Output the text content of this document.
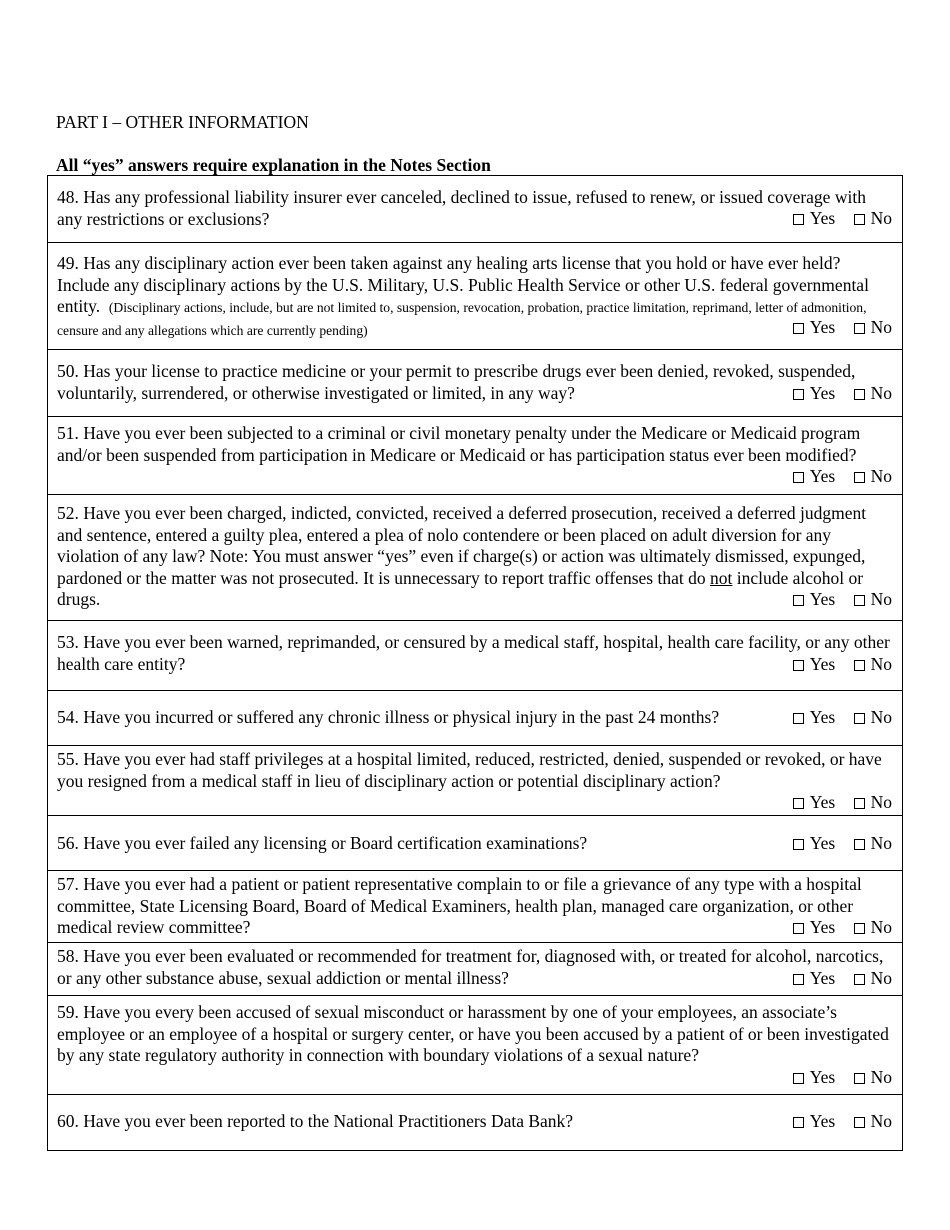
PART I – OTHER INFORMATION
All “yes” answers require explanation in the Notes Section
48. Has any professional liability insurer ever canceled, declined to issue, refused to renew, or issued coverage with any restrictions or exclusions?	Yes No
49. Has any disciplinary action ever been taken against any healing arts license that you hold or have ever held? Include any disciplinary actions by the U.S. Military, U.S. Public Health Service or other U.S. federal governmental entity. (Disciplinary actions, include, but are not limited to, suspension, revocation, probation, practice limitation, reprimand, letter of admonition, censure and any allegations which are currently pending)	Yes No
50. Has your license to practice medicine or your permit to prescribe drugs ever been denied, revoked, suspended, voluntarily, surrendered, or otherwise investigated or limited, in any way?	Yes No
51. Have you ever been subjected to a criminal or civil monetary penalty under the Medicare or Medicaid program and/or been suspended from participation in Medicare or Medicaid or has participation status ever been modified?
Yes No
52. Have you ever been charged, indicted, convicted, received a deferred prosecution, received a deferred judgment and sentence, entered a guilty plea, entered a plea of nolo contendere or been placed on adult diversion for any violation of any law? Note: You must answer “yes” even if charge(s) or action was ultimately dismissed, expunged, pardoned or the matter was not prosecuted. It is unnecessary to report traffic offenses that do not include alcohol or drugs.	Yes No
53. Have you ever been warned, reprimanded, or censured by a medical staff, hospital, health care facility, or any other health care entity?	Yes No
54. Have you incurred or suffered any chronic illness or physical injury in the past 24 months?	Yes No
55. Have you ever had staff privileges at a hospital limited, reduced, restricted, denied, suspended or revoked, or have you resigned from a medical staff in lieu of disciplinary action or potential disciplinary action?
Yes No
56. Have you ever failed any licensing or Board certification examinations?	Yes No
57. Have you ever had a patient or patient representative complain to or file a grievance of any type with a hospital committee, State Licensing Board, Board of Medical Examiners, health plan, managed care organization, or other medical review committee?	Yes No
58. Have you ever been evaluated or recommended for treatment for, diagnosed with, or treated for alcohol, narcotics, or any other substance abuse, sexual addiction or mental illness?	Yes No
59. Have you every been accused of sexual misconduct or harassment by one of your employees, an associate’s employee or an employee of a hospital or surgery center, or have you been accused by a patient of or been investigated by any state regulatory authority in connection with boundary violations of a sexual nature?
Yes No
60. Have you ever been reported to the National Practitioners Data Bank?	Yes No
